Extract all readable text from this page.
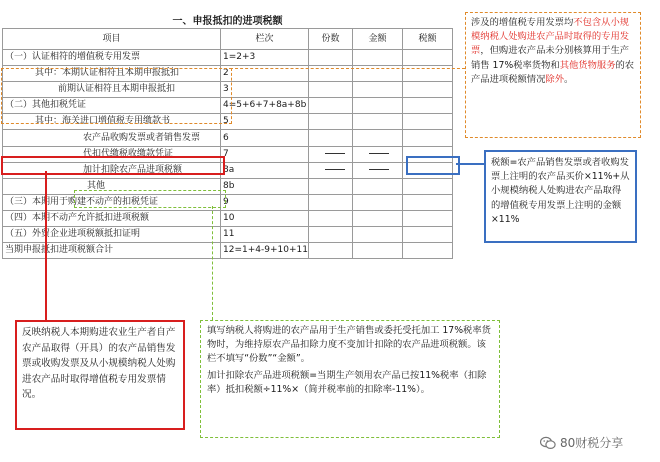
一、申报抵扣的进项税额				
项目	栏次	份数	金额	税额
（一）认证相符的增值税专用发票	1=2+3			
其中：本期认证相符且本期申报抵扣	2			
前期认证相符且本期申报抵扣	3			
（二）其他扣税凭证	4=5+6+7+8a+8b			
其中：海关进口增值税专用缴款书	5			
农产品收购发票或者销售发票	6			
代扣代缴税收缴款凭证	7			
加计扣除农产品进项税额	8a			
其他	8b			
（三）本期用于购建不动产的扣税凭证	9			
（四）本期不动产允许抵扣进项税额	10			
（五）外贸企业进项税额抵扣证明	11			
当期申报抵扣进项税额合计	12=1+4-9+10+11			
涉及的增值税专用发票均不包含从小规模纳税人处购进农产品时取得的专用发票，但购进农产品未分别核算用于生产销售 17%税率货物和其他货物服务的农产品进项税额情况除外。
税额=农产品销售发票或者收购发票上注明的农产品买价×11%+从小规模纳税人处购进农产品取得的增值税专用发票上注明的金额×11%
反映纳税人本期购进农业生产者自产农产品取得（开具）的农产品销售发票或收购发票及从小规模纳税人处购进农产品时取得增值税专用发票情况。
填写纳税人将购进的农产品用于生产销售或委托受托加工 17%税率货物时，为维持原农产品扣除力度不变加计扣除的农产品进项税额。该栏不填写“份数”“金额”。
加计扣除农产品进项税额=当期生产领用农产品已按11%税率（扣除率）抵扣税额÷11%×（简并税率前的扣除率-11%）。
80财税分享
